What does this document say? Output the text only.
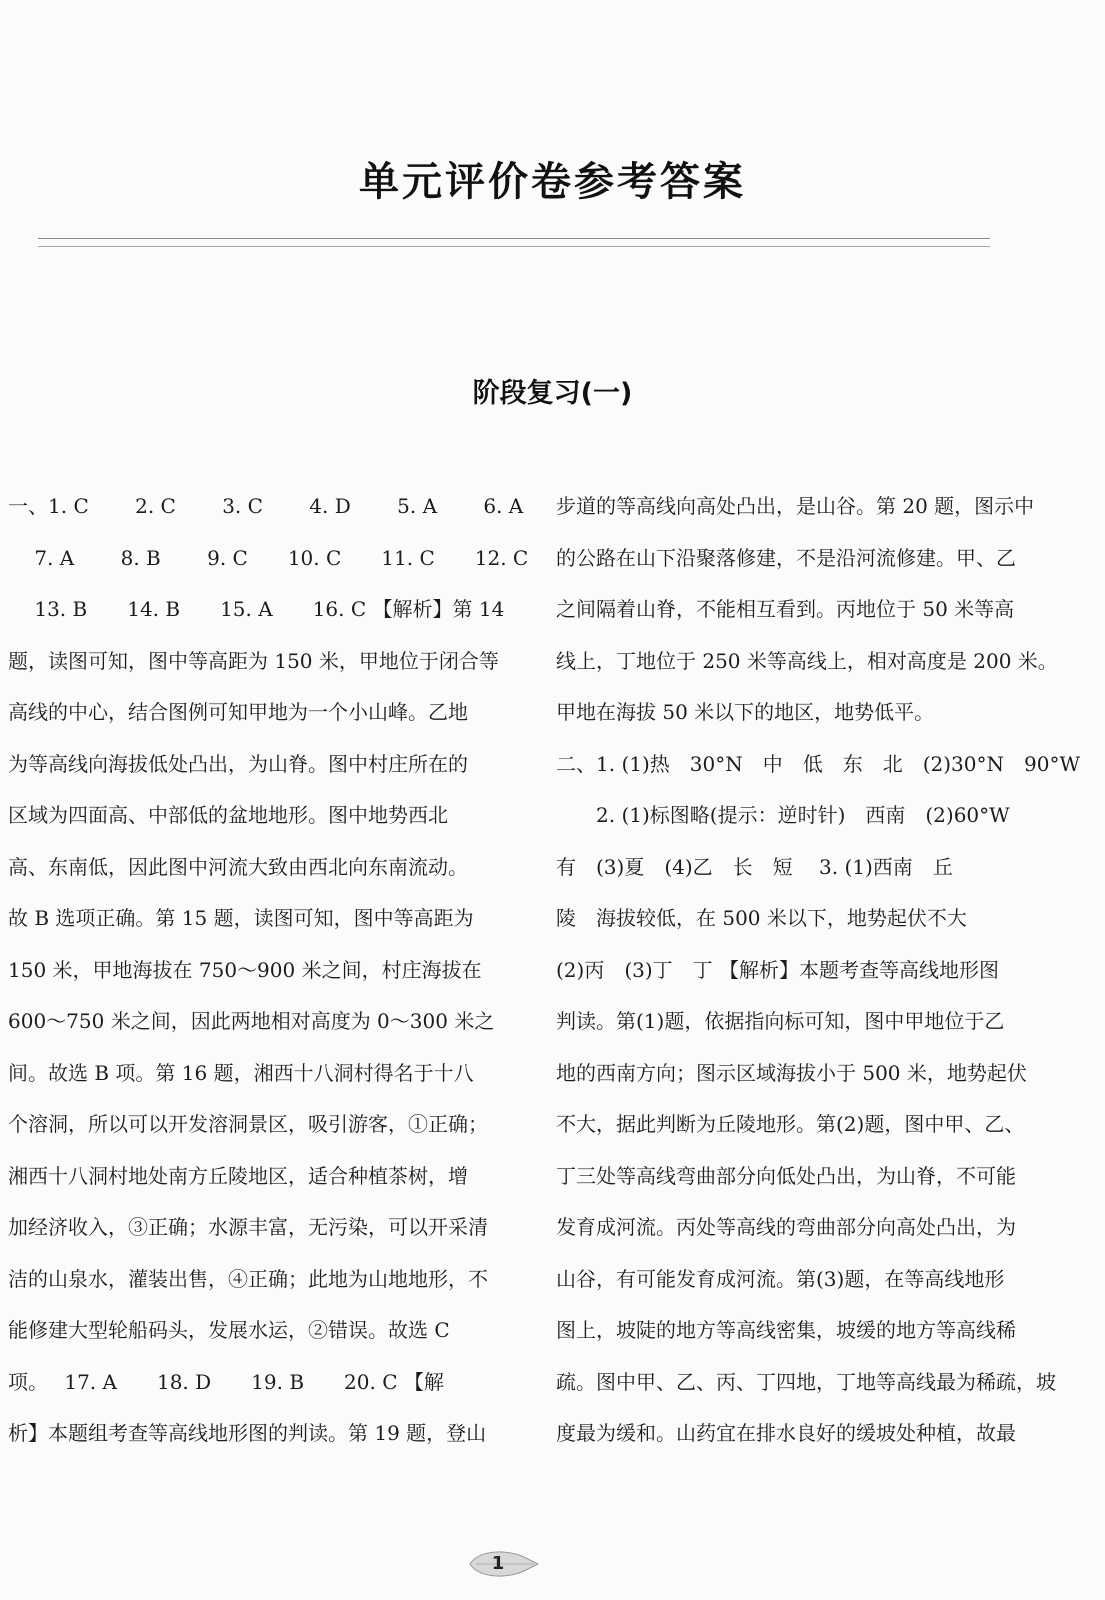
单元评价卷参考答案
阶段复习(一)
一、1. C　　 2. C　　 3. C　　 4. D　　 5. A　　 6. A
　 7. A　　 8. B　　 9. C　　10. C　　11. C　　12. C
　 13. B　　14. B　　15. A　　16. C 【解析】第 14
题，读图可知，图中等高距为 150 米，甲地位于闭合等
高线的中心，结合图例可知甲地为一个小山峰。乙地
为等高线向海拔低处凸出，为山脊。图中村庄所在的
区域为四面高、中部低的盆地地形。图中地势西北
高、东南低，因此图中河流大致由西北向东南流动。
故 B 选项正确。第 15 题，读图可知，图中等高距为
150 米，甲地海拔在 750～900 米之间，村庄海拔在
600～750 米之间，因此两地相对高度为 0～300 米之
间。故选 B 项。第 16 题，湘西十八洞村得名于十八
个溶洞，所以可以开发溶洞景区，吸引游客，①正确；
湘西十八洞村地处南方丘陵地区，适合种植茶树，增
加经济收入，③正确；水源丰富，无污染，可以开采清
洁的山泉水，灌装出售，④正确；此地为山地地形，不
能修建大型轮船码头，发展水运，②错误。故选 C
项。　 17. A　　18. D　　19. B　　20. C 【解
析】本题组考查等高线地形图的判读。第 19 题，登山
步道的等高线向高处凸出，是山谷。第 20 题，图示中
的公路在山下沿聚落修建，不是沿河流修建。甲、乙
之间隔着山脊，不能相互看到。丙地位于 50 米等高
线上，丁地位于 250 米等高线上，相对高度是 200 米。
甲地在海拔 50 米以下的地区，地势低平。
二、1. (1)热　30°N　中　低　东　北　(2)30°N　90°W
　　2. (1)标图略(提示：逆时针)　西南　(2)60°W
有　(3)夏　(4)乙　长　短　 3. (1)西南　丘
陵　海拔较低，在 500 米以下，地势起伏不大
(2)丙　(3)丁　丁 【解析】本题考查等高线地形图
判读。第(1)题，依据指向标可知，图中甲地位于乙
地的西南方向；图示区域海拔小于 500 米，地势起伏
不大，据此判断为丘陵地形。第(2)题，图中甲、乙、
丁三处等高线弯曲部分向低处凸出，为山脊，不可能
发育成河流。丙处等高线的弯曲部分向高处凸出，为
山谷，有可能发育成河流。第(3)题，在等高线地形
图上，坡陡的地方等高线密集，坡缓的地方等高线稀
疏。图中甲、乙、丙、丁四地，丁地等高线最为稀疏，坡
度最为缓和。山药宜在排水良好的缓坡处种植，故最
1
